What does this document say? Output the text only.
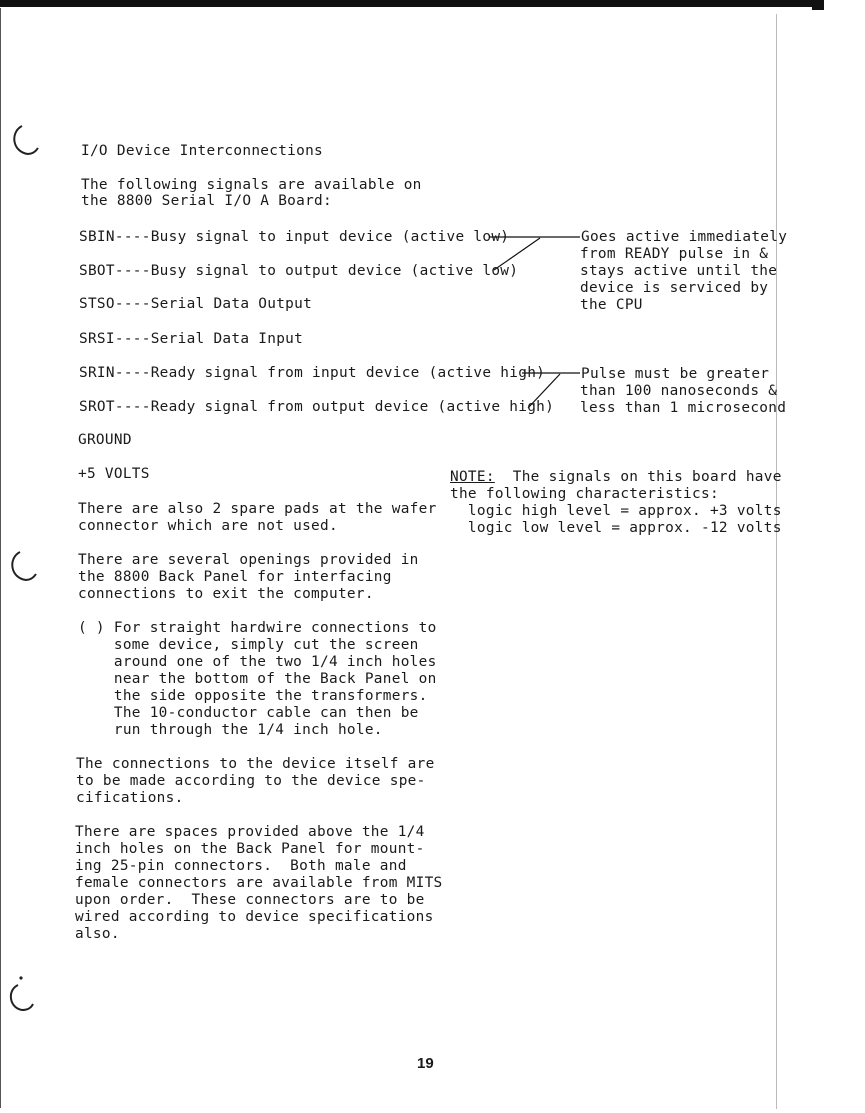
I/O Device Interconnections
The following signals are available on
the 8800 Serial I/O A Board:
SBIN----Busy signal to input device (active low)
SBOT----Busy signal to output device (active low)
STSO----Serial Data Output
SRSI----Serial Data Input
SRIN----Ready signal from input device (active high)
SROT----Ready signal from output device (active high)
GROUND
+5 VOLTS
Goes active immediately
from READY pulse in &
stays active until the
device is serviced by
the CPU
Pulse must be greater
than 100 nanoseconds &
less than 1 microsecond
NOTE:  The signals on this board have
the following characteristics:
logic high level = approx. +3 volts
logic low level = approx. -12 volts
There are also 2 spare pads at the wafer
connector which are not used.
There are several openings provided in
the 8800 Back Panel for interfacing
connections to exit the computer.
( ) For straight hardwire connections to
some device, simply cut the screen
around one of the two 1/4 inch holes
near the bottom of the Back Panel on
the side opposite the transformers.
The 10-conductor cable can then be
run through the 1/4 inch hole.
The connections to the device itself are
to be made according to the device spe-
cifications.
There are spaces provided above the 1/4
inch holes on the Back Panel for mount-
ing 25-pin connectors.  Both male and
female connectors are available from MITS
upon order.  These connectors are to be
wired according to device specifications
also.
19
